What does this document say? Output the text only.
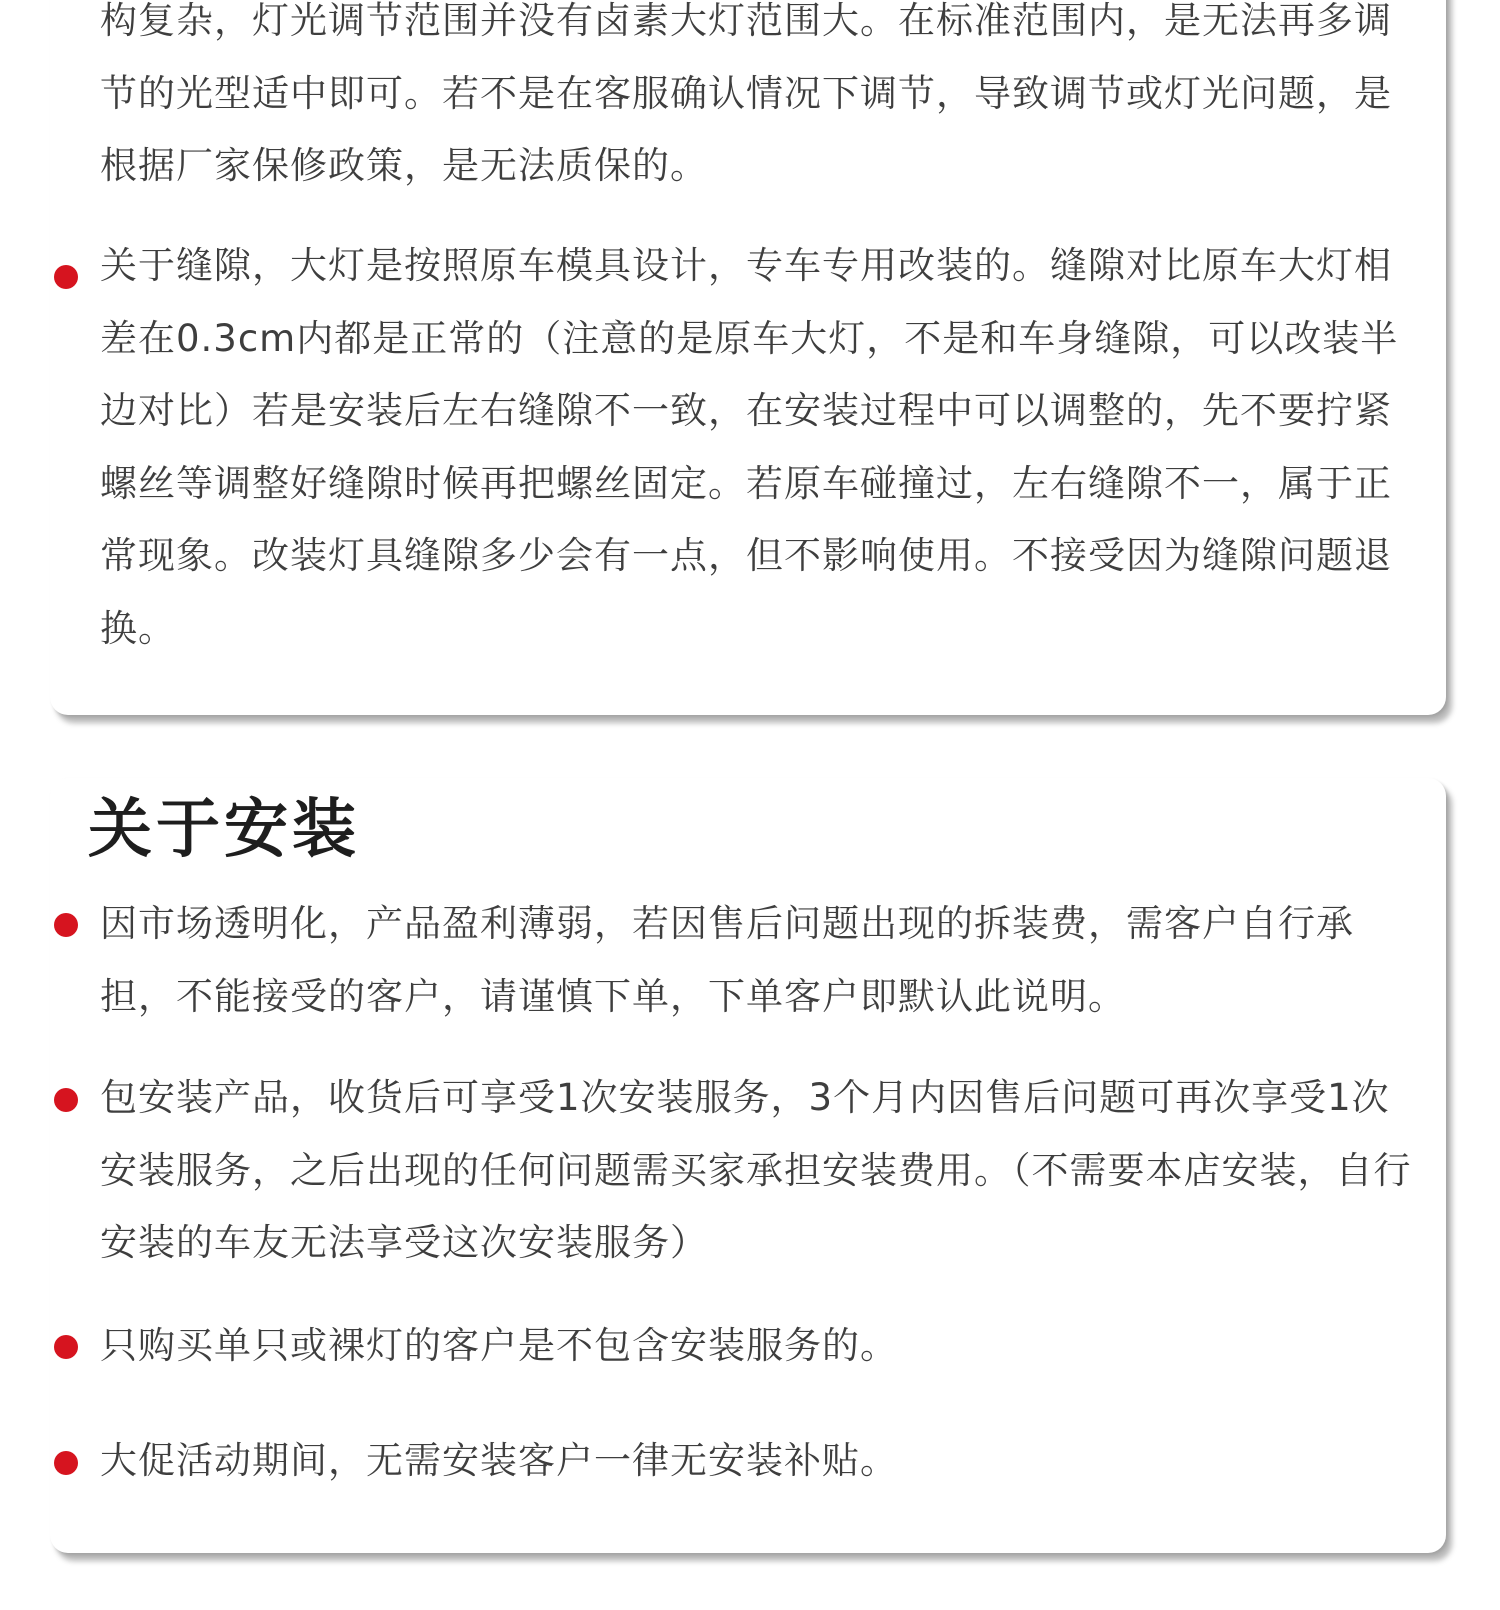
构复杂，灯光调节范围并没有卤素大灯范围大。在标准范围内，是无法再多调节的光型适中即可。若不是在客服确认情况下调节，导致调节或灯光问题，是根据厂家保修政策，是无法质保的。
关于缝隙，大灯是按照原车模具设计，专车专用改装的。缝隙对比原车大灯相差在0.3cm内都是正常的（注意的是原车大灯，不是和车身缝隙，可以改装半边对比）若是安装后左右缝隙不一致，在安装过程中可以调整的，先不要拧紧螺丝等调整好缝隙时候再把螺丝固定。若原车碰撞过，左右缝隙不一，属于正常现象。改装灯具缝隙多少会有一点，但不影响使用。不接受因为缝隙问题退换。
关于安装
因市场透明化，产品盈利薄弱，若因售后问题出现的拆装费，需客户自行承担，不能接受的客户，请谨慎下单，下单客户即默认此说明。
包安装产品，收货后可享受1次安装服务，3个月内因售后问题可再次享受1次安装服务，之后出现的任何问题需买家承担安装费用。（不需要本店安装，自行安装的车友无法享受这次安装服务）
只购买单只或裸灯的客户是不包含安装服务的。
大促活动期间，无需安装客户一律无安装补贴。
